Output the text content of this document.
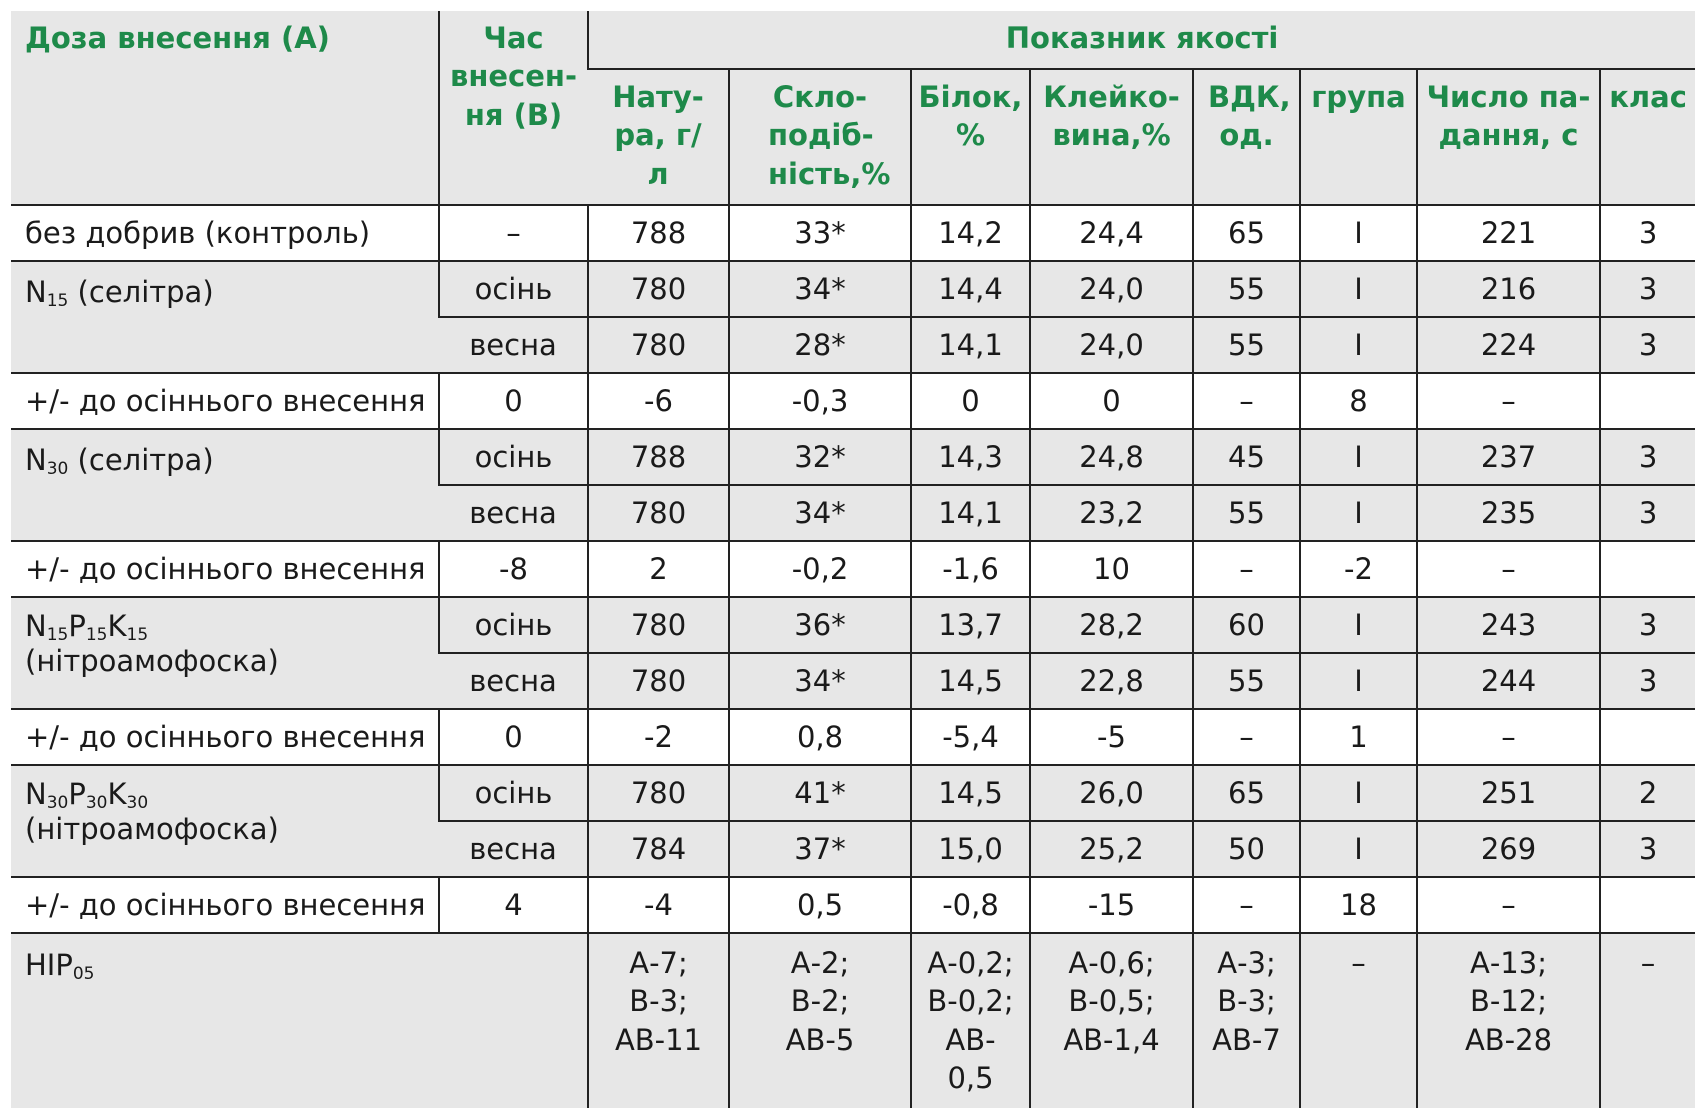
Доза внесення (А)	Час внесен-ня (В)	Показник якості							
		Нату-ра, г/л	Скло-подіб-ність,%	Білок, %	Клейко-вина,%	ВДК, од.	група	Число па-дання, с	клас
без добрив (контроль)	–	788	33*	14,2	24,4	65	І	221	3
$N_{15}$ (селітра)	осінь	780	34*	14,4	24,0	55	І	216	3
	весна	780	28*	14,1	24,0	55	І	224	3
+/- до осіннього внесення	0	-6	-0,3	0	0	–	8	–	
$N_{30}$ (селітра)	осінь	788	32*	14,3	24,8	45	І	237	3
	весна	780	34*	14,1	23,2	55	І	235	3
+/- до осіннього внесення	-8	2	-0,2	-1,6	10	–	-2	–	
$N_{15}P_{15}K_{15}$
(нітроамофоска)	осінь	780	36*	13,7	28,2	60	І	243	3
	весна	780	34*	14,5	22,8	55	І	244	3
+/- до осіннього внесення	0	-2	0,8	-5,4	-5	–	1	–	
$N_{30}P_{30}K_{30}$
(нітроамофоска)	осінь	780	41*	14,5	26,0	65	І	251	2
	весна	784	37*	15,0	25,2	50	І	269	3
+/- до осіннього внесення	4	-4	0,5	-0,8	-15	–	18	–	
$НІР_{05}$		А-7;
В-3;
АВ-11	А-2;
В-2;
АВ-5	А-0,2;
В-0,2;
АВ-
0,5	А-0,6;
В-0,5;
АВ-1,4	А-3;
В-3;
АВ-7	–	А-13;
В-12;
АВ-28	–
